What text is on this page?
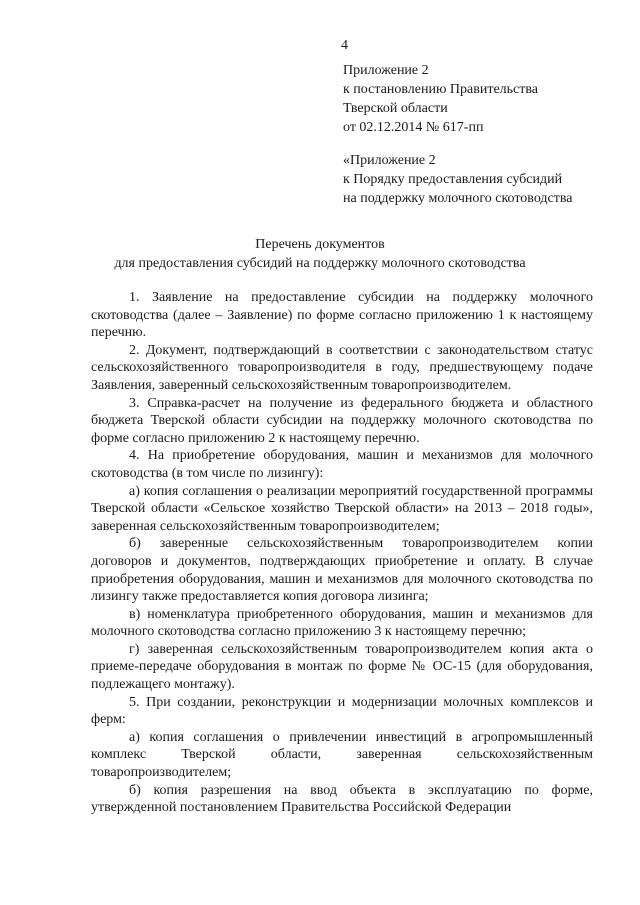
4
Приложение 2
к постановлению Правительства
Тверской области
от 02.12.2014 № 617-пп
«Приложение 2
к Порядку предоставления субсидий
на поддержку молочного скотоводства
Перечень документов
для предоставления субсидий на поддержку молочного скотоводства

1. Заявление на предоставление субсидии на поддержку молочного скотоводства (далее – Заявление) по форме согласно приложению 1 к настоящему перечню.

2. Документ, подтверждающий в соответствии с законодательством статус сельскохозяйственного товаропроизводителя в году, предшествующему подаче Заявления, заверенный сельскохозяйственным товаропроизводителем.

3. Справка-расчет на получение из федерального бюджета и областного бюджета Тверской области субсидии на поддержку молочного скотоводства по форме согласно приложению 2 к настоящему перечню.

4. На приобретение оборудования, машин и механизмов для молочного скотоводства (в том числе по лизингу):

а) копия соглашения о реализации мероприятий государственной программы Тверской области «Сельское хозяйство Тверской области» на 2013 – 2018 годы», заверенная сельскохозяйственным товаропроизводителем;

б) заверенные сельскохозяйственным товаропроизводителем копии договоров и документов, подтверждающих приобретение и оплату. В случае приобретения оборудования, машин и механизмов для молочного скотоводства по лизингу также предоставляется копия договора лизинга;

в) номенклатура приобретенного оборудования, машин и механизмов для молочного скотоводства согласно приложению 3 к настоящему перечню;

г) заверенная сельскохозяйственным товаропроизводителем копия акта о приеме-передаче оборудования в монтаж по форме № ОС-15 (для оборудования, подлежащего монтажу).

5. При создании, реконструкции и модернизации молочных комплексов и ферм:

а) копия соглашения о привлечении инвестиций в агропромышленный комплекс Тверской области, заверенная сельскохозяйственным товаропроизводителем;

б) копия разрешения на ввод объекта в эксплуатацию по форме, утвержденной постановлением Правительства Российской Федерации
